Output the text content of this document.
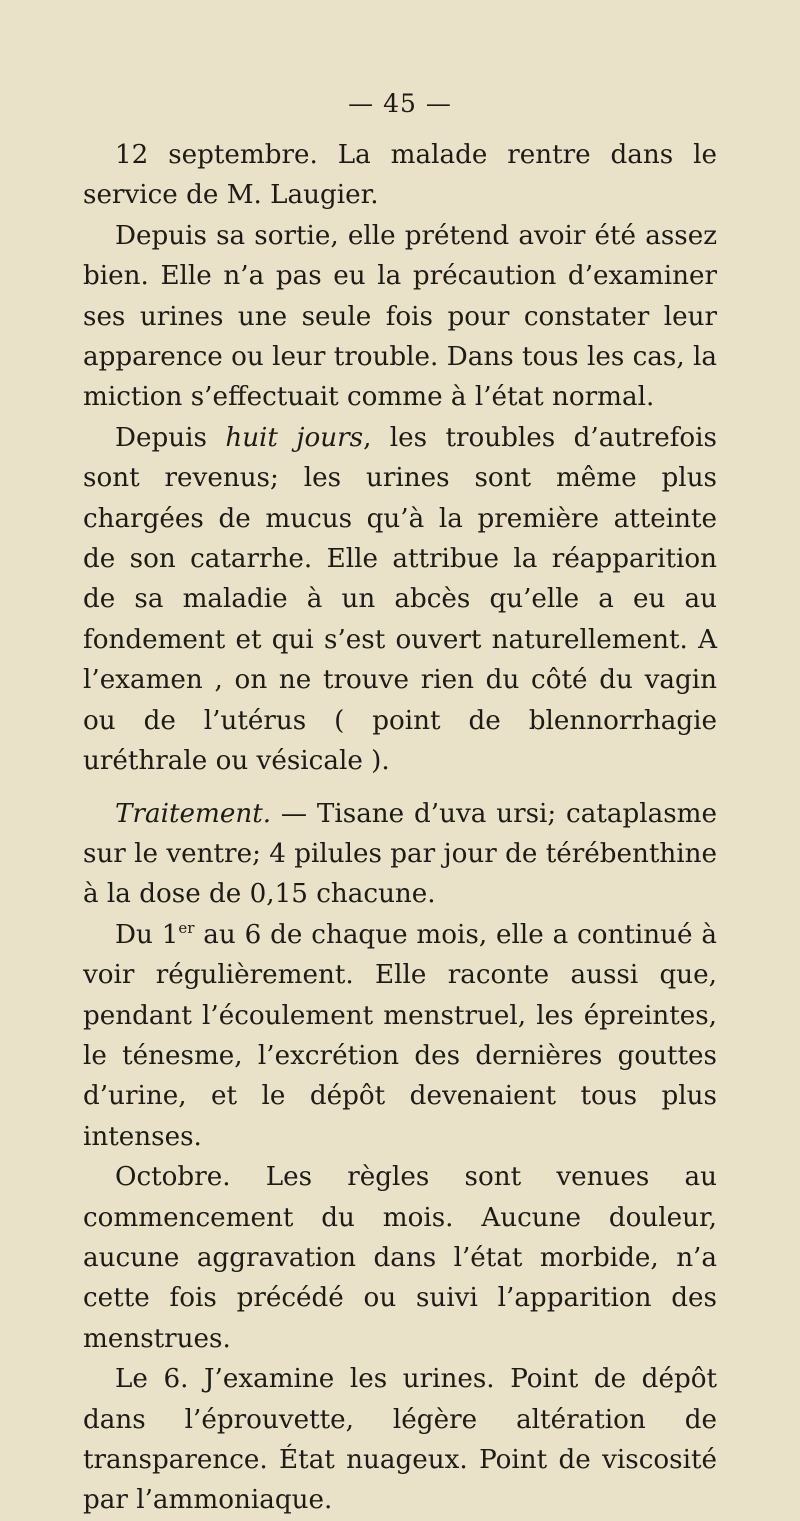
— 45 —

12 septembre. La malade rentre dans le service de M. Laugier.

Depuis sa sortie, elle prétend avoir été assez bien. Elle n’a pas eu la précaution d’examiner ses urines une seule fois pour constater leur apparence ou leur trouble. Dans tous les cas, la miction s’effectuait comme à l’état normal.

Depuis huit jours, les troubles d’autrefois sont revenus; les urines sont même plus chargées de mucus qu’à la première atteinte de son catarrhe. Elle attribue la réapparition de sa maladie à un abcès qu’elle a eu au fondement et qui s’est ouvert naturellement. A l’examen , on ne trouve rien du côté du vagin ou de l’utérus ( point de blennorrhagie uréthrale ou vésicale ).

Traitement. — Tisane d’uva ursi; cataplasme sur le ventre; 4 pilules par jour de térébenthine à la dose de 0,15 chacune.

Du 1er au 6 de chaque mois, elle a continué à voir régulièrement. Elle raconte aussi que, pendant l’écoulement menstruel, les épreintes, le ténesme, l’excrétion des dernières gouttes d’urine, et le dépôt devenaient tous plus intenses.

Octobre. Les règles sont venues au commencement du mois. Aucune douleur, aucune aggravation dans l’état morbide, n’a cette fois précédé ou suivi l’apparition des menstrues.

Le 6. J’examine les urines. Point de dépôt dans l’éprouvette, légère altération de transparence. État nuageux. Point de viscosité par l’ammoniaque.
